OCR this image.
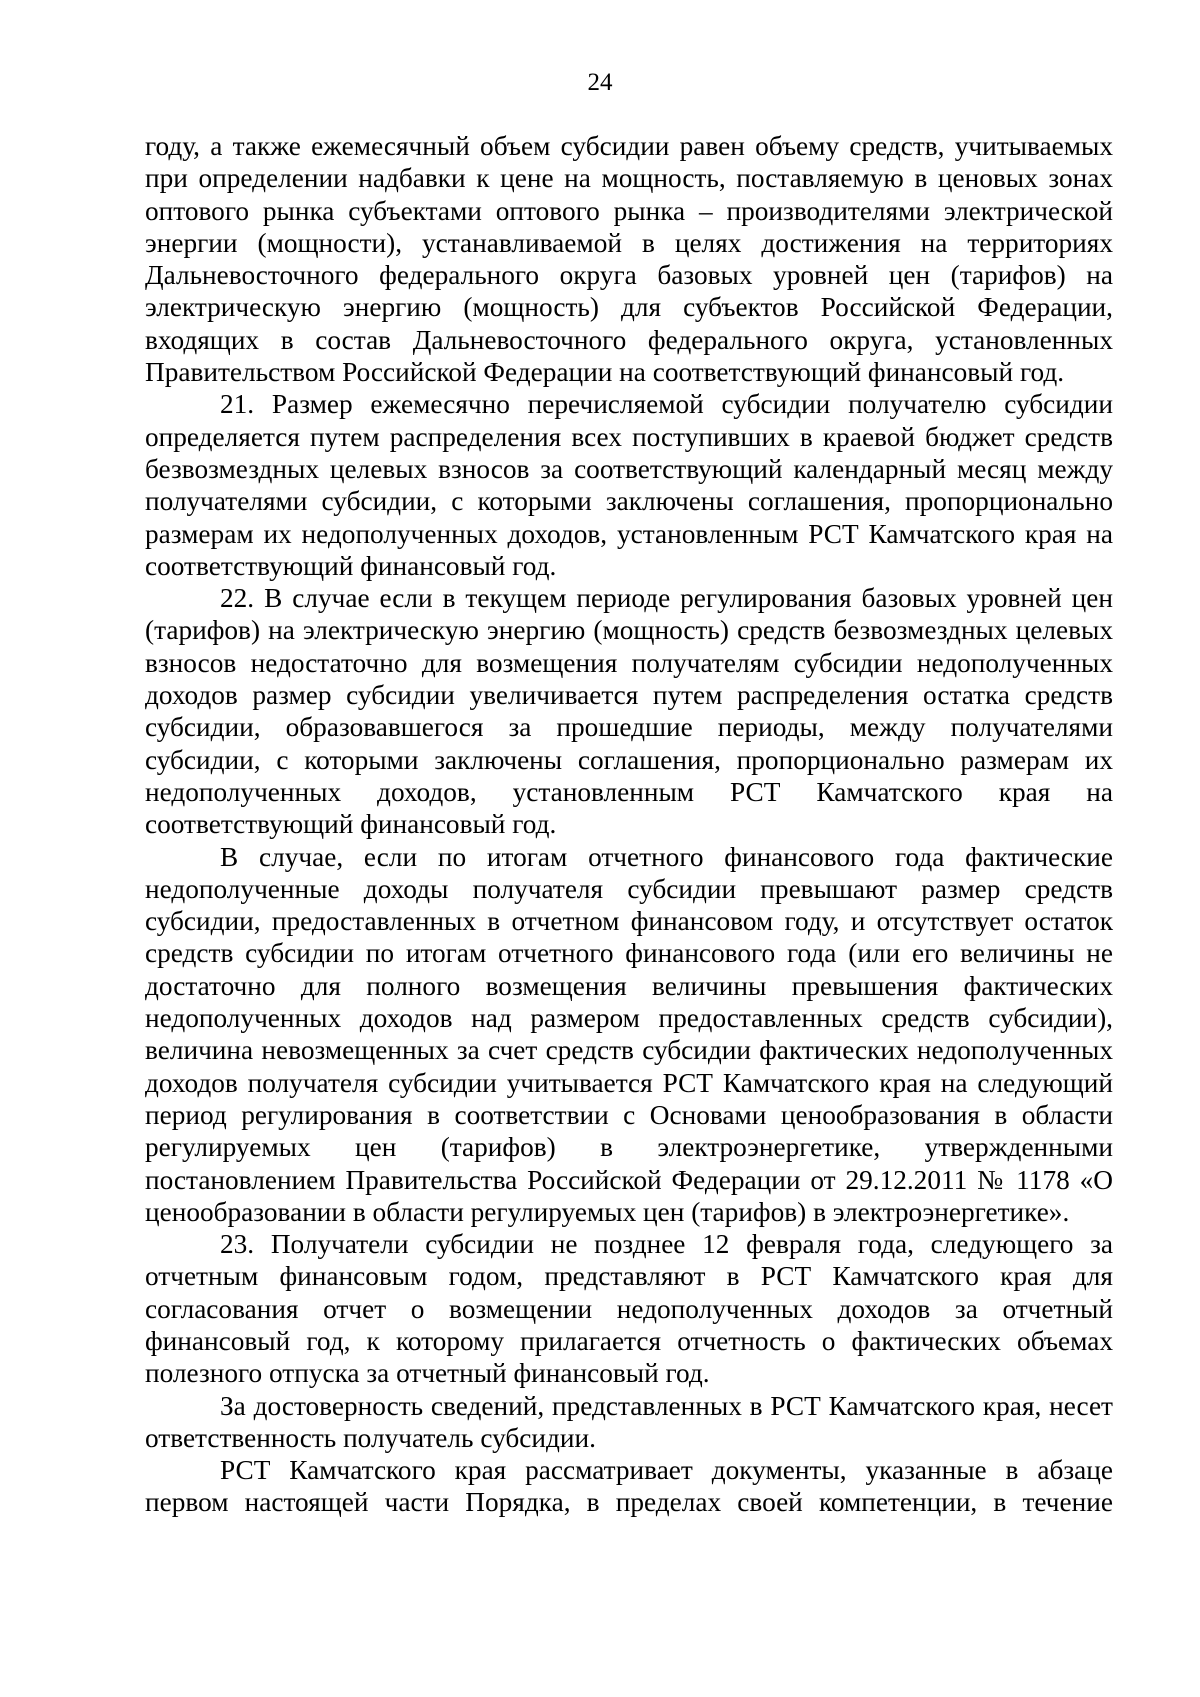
24

году, а также ежемесячный объем субсидии равен объему средств, учитываемых при определении надбавки к цене на мощность, поставляемую в ценовых зонах оптового рынка субъектами оптового рынка – производителями электрической энергии (мощности), устанавливаемой в целях достижения на территориях Дальневосточного федерального округа базовых уровней цен (тарифов) на электрическую энергию (мощность) для субъектов Российской Федерации, входящих в состав Дальневосточного федерального округа, установленных Правительством Российской Федерации на соответствующий финансовый год.

21. Размер ежемесячно перечисляемой субсидии получателю субсидии определяется путем распределения всех поступивших в краевой бюджет средств безвозмездных целевых взносов за соответствующий календарный месяц между получателями субсидии, с которыми заключены соглашения, пропорционально размерам их недополученных доходов, установленным РСТ Камчатского края на соответствующий финансовый год.

22. В случае если в текущем периоде регулирования базовых уровней цен (тарифов) на электрическую энергию (мощность) средств безвозмездных целевых взносов недостаточно для возмещения получателям субсидии недополученных доходов размер субсидии увеличивается путем распределения остатка средств субсидии, образовавшегося за прошедшие периоды, между получателями субсидии, с которыми заключены соглашения, пропорционально размерам их недополученных доходов, установленным РСТ Камчатского края на соответствующий финансовый год.

В случае, если по итогам отчетного финансового года фактические недополученные доходы получателя субсидии превышают размер средств субсидии, предоставленных в отчетном финансовом году, и отсутствует остаток средств субсидии по итогам отчетного финансового года (или его величины не достаточно для полного возмещения величины превышения фактических недополученных доходов над размером предоставленных средств субсидии), величина невозмещенных за счет средств субсидии фактических недополученных доходов получателя субсидии учитывается РСТ Камчатского края на следующий период регулирования в соответствии с Основами ценообразования в области регулируемых цен (тарифов) в электроэнергетике, утвержденными постановлением Правительства Российской Федерации от 29.12.2011 № 1178 «О ценообразовании в области регулируемых цен (тарифов) в электроэнергетике».

23. Получатели субсидии не позднее 12 февраля года, следующего за отчетным финансовым годом, представляют в РСТ Камчатского края для согласования отчет о возмещении недополученных доходов за отчетный финансовый год, к которому прилагается отчетность о фактических объемах полезного отпуска за отчетный финансовый год.

За достоверность сведений, представленных в РСТ Камчатского края, несет ответственность получатель субсидии.

РСТ Камчатского края рассматривает документы, указанные в абзаце первом настоящей части Порядка, в пределах своей компетенции, в течение
